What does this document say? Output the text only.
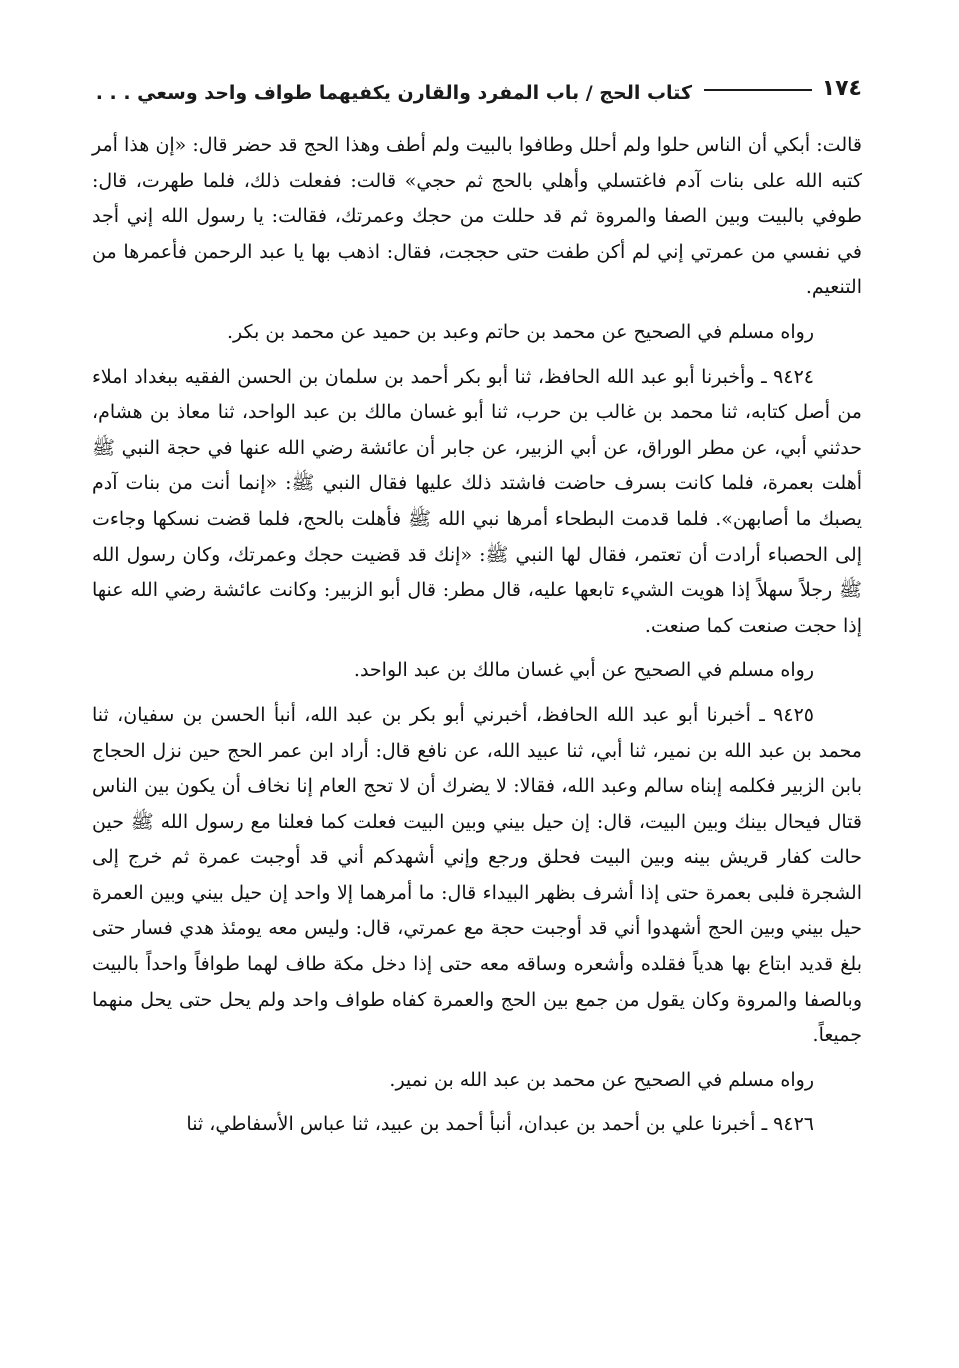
١٧٤
كتاب الحج / باب المفرد والقارن يكفيهما طواف واحد وسعي . . .

قالت: أبكي أن الناس حلوا ولم أحلل وطافوا بالبيت ولم أطف وهذا الحج قد حضر قال: «إن هذا أمر كتبه الله على بنات آدم فاغتسلي وأهلي بالحج ثم حجي» قالت: ففعلت ذلك، فلما طهرت، قال: طوفي بالبيت وبين الصفا والمروة ثم قد حللت من حجك وعمرتك، فقالت: يا رسول الله إني أجد في نفسي من عمرتي إني لم أكن طفت حتى حججت، فقال: اذهب بها يا عبد الرحمن فأعمرها من التنعيم.

رواه مسلم في الصحيح عن محمد بن حاتم وعبد بن حميد عن محمد بن بكر.

٩٤٢٤ ـ وأخبرنا أبو عبد الله الحافظ، ثنا أبو بكر أحمد بن سلمان بن الحسن الفقيه ببغداد املاء من أصل كتابه، ثنا محمد بن غالب بن حرب، ثنا أبو غسان مالك بن عبد الواحد، ثنا معاذ بن هشام، حدثني أبي، عن مطر الوراق، عن أبي الزبير، عن جابر أن عائشة رضي الله عنها في حجة النبي ﷺ أهلت بعمرة، فلما كانت بسرف حاضت فاشتد ذلك عليها فقال النبي ﷺ: «إنما أنت من بنات آدم يصبك ما أصابهن». فلما قدمت البطحاء أمرها نبي الله ﷺ فأهلت بالحج، فلما قضت نسكها وجاءت إلى الحصباء أرادت أن تعتمر، فقال لها النبي ﷺ: «إنك قد قضيت حجك وعمرتك، وكان رسول الله ﷺ رجلاً سهلاً إذا هويت الشيء تابعها عليه، قال مطر: قال أبو الزبير: وكانت عائشة رضي الله عنها إذا حجت صنعت كما صنعت.

رواه مسلم في الصحيح عن أبي غسان مالك بن عبد الواحد.

٩٤٢٥ ـ أخبرنا أبو عبد الله الحافظ، أخبرني أبو بكر بن عبد الله، أنبأ الحسن بن سفيان، ثنا محمد بن عبد الله بن نمير، ثنا أبي، ثنا عبيد الله، عن نافع قال: أراد ابن عمر الحج حين نزل الحجاج بابن الزبير فكلمه إبناه سالم وعبد الله، فقالا: لا يضرك أن لا تحج العام إنا نخاف أن يكون بين الناس قتال فيحال بينك وبين البيت، قال: إن حيل بيني وبين البيت فعلت كما فعلنا مع رسول الله ﷺ حين حالت كفار قريش بينه وبين البيت فحلق ورجع وإني أشهدكم أني قد أوجبت عمرة ثم خرج إلى الشجرة فلبى بعمرة حتى إذا أشرف بظهر البيداء قال: ما أمرهما إلا واحد إن حيل بيني وبين العمرة حيل بيني وبين الحج أشهدوا أني قد أوجبت حجة مع عمرتي، قال: وليس معه يومئذ هدي فسار حتى بلغ قديد ابتاع بها هدياً فقلده وأشعره وساقه معه حتى إذا دخل مكة طاف لهما طوافاً واحداً بالبيت وبالصفا والمروة وكان يقول من جمع بين الحج والعمرة كفاه طواف واحد ولم يحل حتى يحل منهما جميعاً.

رواه مسلم في الصحيح عن محمد بن عبد الله بن نمير.

٩٤٢٦ ـ أخبرنا علي بن أحمد بن عبدان، أنبأ أحمد بن عبيد، ثنا عباس الأسفاطي، ثنا
